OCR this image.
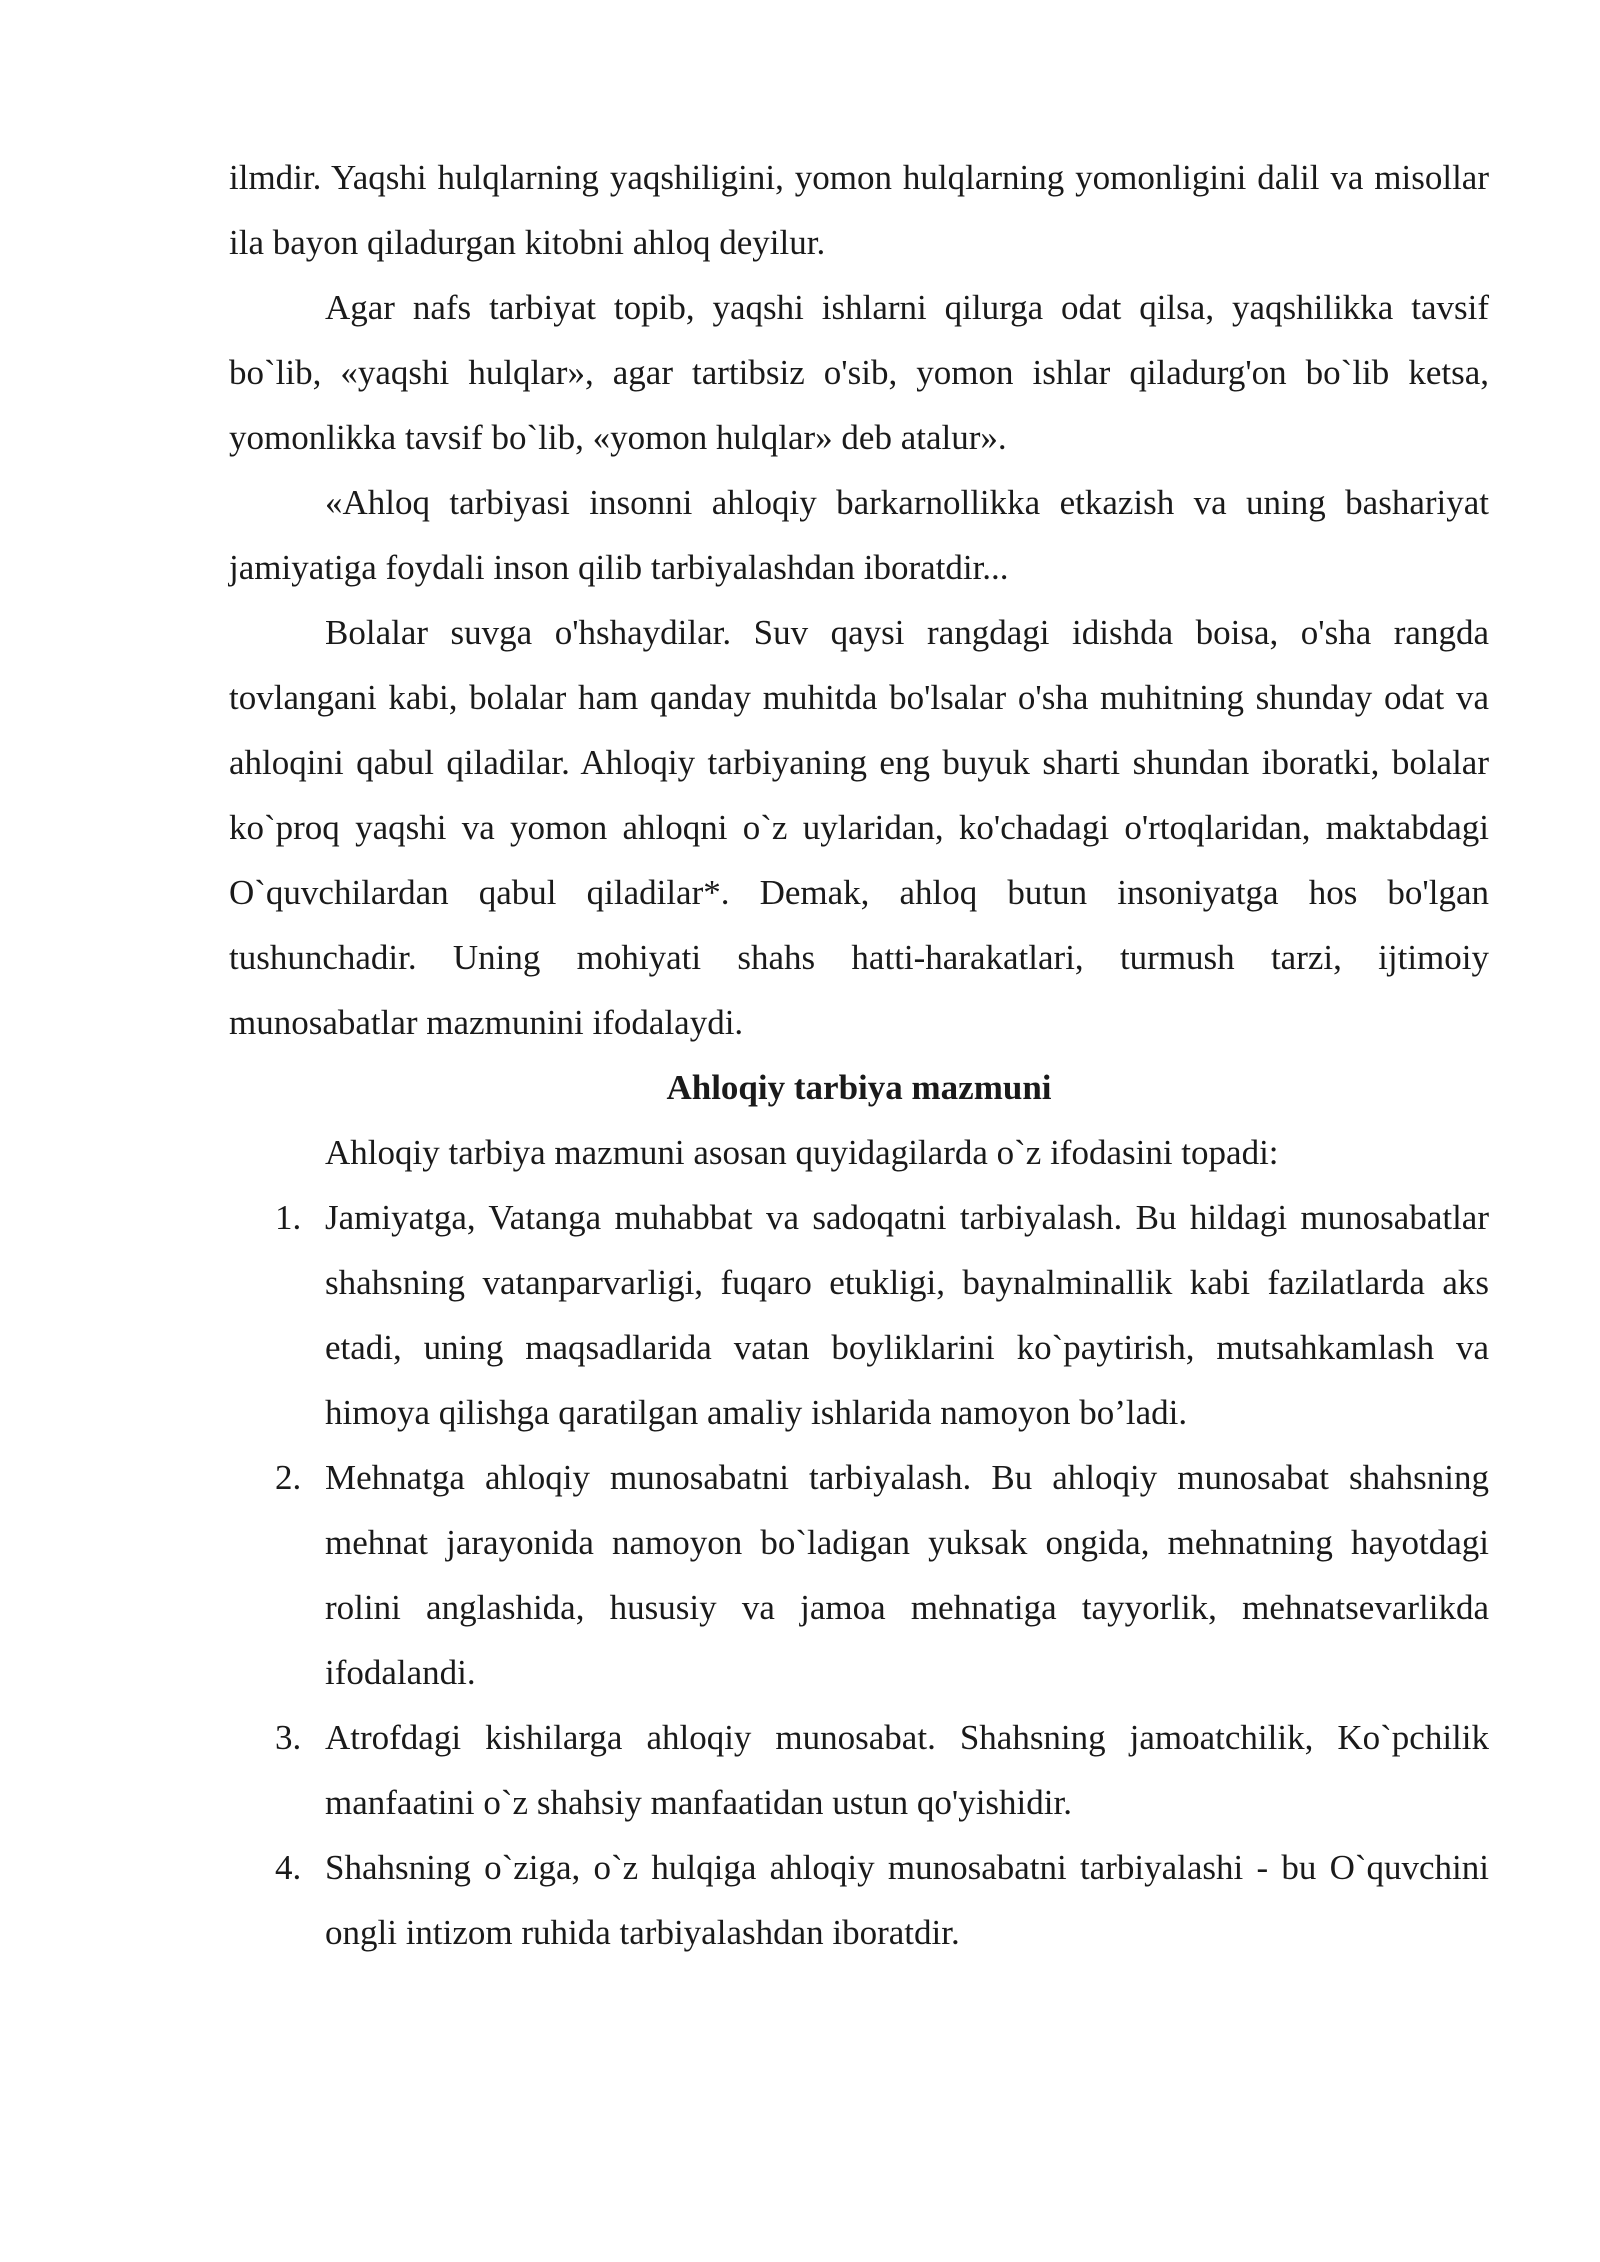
ilmdir. Yaqshi hulqlarning yaqshiligini, yomon hulqlarning yomonligini dalil va misollar ila bayon qiladurgan kitobni ahloq deyilur.

Agar nafs tarbiyat topib, yaqshi ishlarni qilurga odat qilsa, yaqshilikka tavsif bo`lib, «yaqshi hulqlar», agar tartibsiz o'sib, yomon ishlar qiladurg'on bo`lib ketsa, yomonlikka tavsif bo`lib, «yomon hulqlar» deb atalur».

«Ahloq tarbiyasi insonni ahloqiy barkarnollikka etkazish va uning bashariyat jamiyatiga foydali inson qilib tarbiyalashdan iboratdir...

Bolalar suvga o'hshaydilar. Suv qaysi rangdagi idishda boisa, o'sha rangda tovlangani kabi, bolalar ham qanday muhitda bo'lsalar o'sha muhitning shunday odat va ahloqini qabul qiladilar. Ahloqiy tarbiyaning eng buyuk sharti shundan iboratki, bolalar ko`proq yaqshi va yomon ahloqni o`z uylaridan, ko'chadagi o'rtoqlaridan, maktabdagi O`quvchilardan qabul qiladilar*. Demak, ahloq butun insoniyatga hos bo'lgan tushunchadir. Uning mohiyati shahs hatti-harakatlari, turmush tarzi, ijtimoiy munosabatlar mazmunini ifodalaydi.

Ahloqiy tarbiya mazmuni

Ahloqiy tarbiya mazmuni asosan quyidagilarda o`z ifodasini topadi:

1. Jamiyatga, Vatanga muhabbat va sadoqatni tarbiyalash. Bu hildagi munosabatlar shahsning vatanparvarligi, fuqaro etukligi, baynalminallik kabi fazilatlarda aks etadi, uning maqsadlarida vatan boyliklarini ko`paytirish, mutsahkamlash va himoya qilishga qaratilgan amaliy ishlarida namoyon bo’ladi.
2. Mehnatga ahloqiy munosabatni tarbiyalash. Bu ahloqiy munosabat shahsning mehnat jarayonida namoyon bo`ladigan yuksak ongida, mehnatning hayotdagi rolini anglashida, hususiy va jamoa mehnatiga tayyorlik, mehnatsevarlikda ifodalandi.
3. Atrofdagi kishilarga ahloqiy munosabat. Shahsning jamoatchilik, Ko`pchilik manfaatini o`z shahsiy manfaatidan ustun qo'yishidir.
4. Shahsning o`ziga, o`z hulqiga ahloqiy munosabatni tarbiyalashi - bu O`quvchini ongli intizom ruhida tarbiyalashdan iboratdir.
